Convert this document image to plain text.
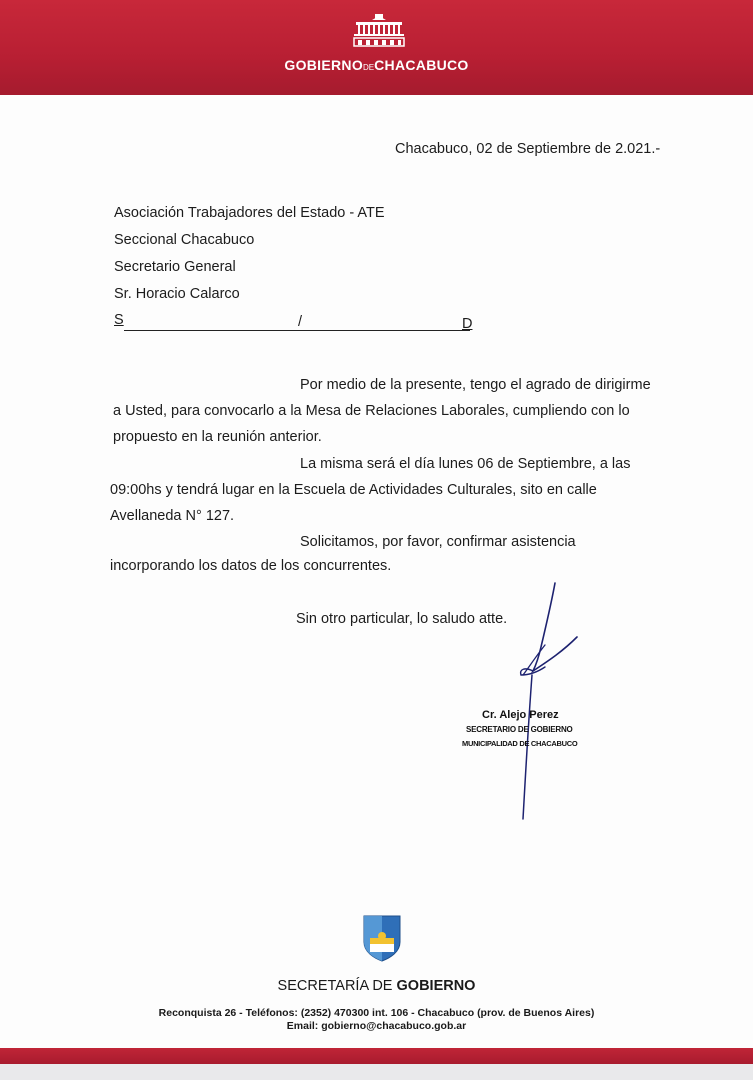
GOBIERNODECHACABUCO
Chacabuco, 02 de Septiembre de 2.021.-
Asociación Trabajadores del Estado - ATE
Seccional Chacabuco
Secretario General
Sr. Horacio Calarco
S	/	D
Por medio de la presente, tengo el agrado de dirigirme
a Usted, para convocarlo a la Mesa de Relaciones Laborales, cumpliendo con lo
propuesto en la reunión anterior.
La misma será el día lunes 06 de Septiembre, a las
09:00hs y tendrá lugar en la Escuela de Actividades Culturales, sito en calle
Avellaneda N° 127.
Solicitamos, por favor, confirmar asistencia
incorporando los datos de los concurrentes.
Sin otro particular, lo saludo atte.
Cr. Alejo Perez
SECRETARIO DE GOBIERNO
MUNICIPALIDAD DE CHACABUCO
SECRETARÍA DE GOBIERNO
Reconquista 26 - Teléfonos: (2352) 470300 int. 106 - Chacabuco (prov. de Buenos Aires)
Email: gobierno@chacabuco.gob.ar
